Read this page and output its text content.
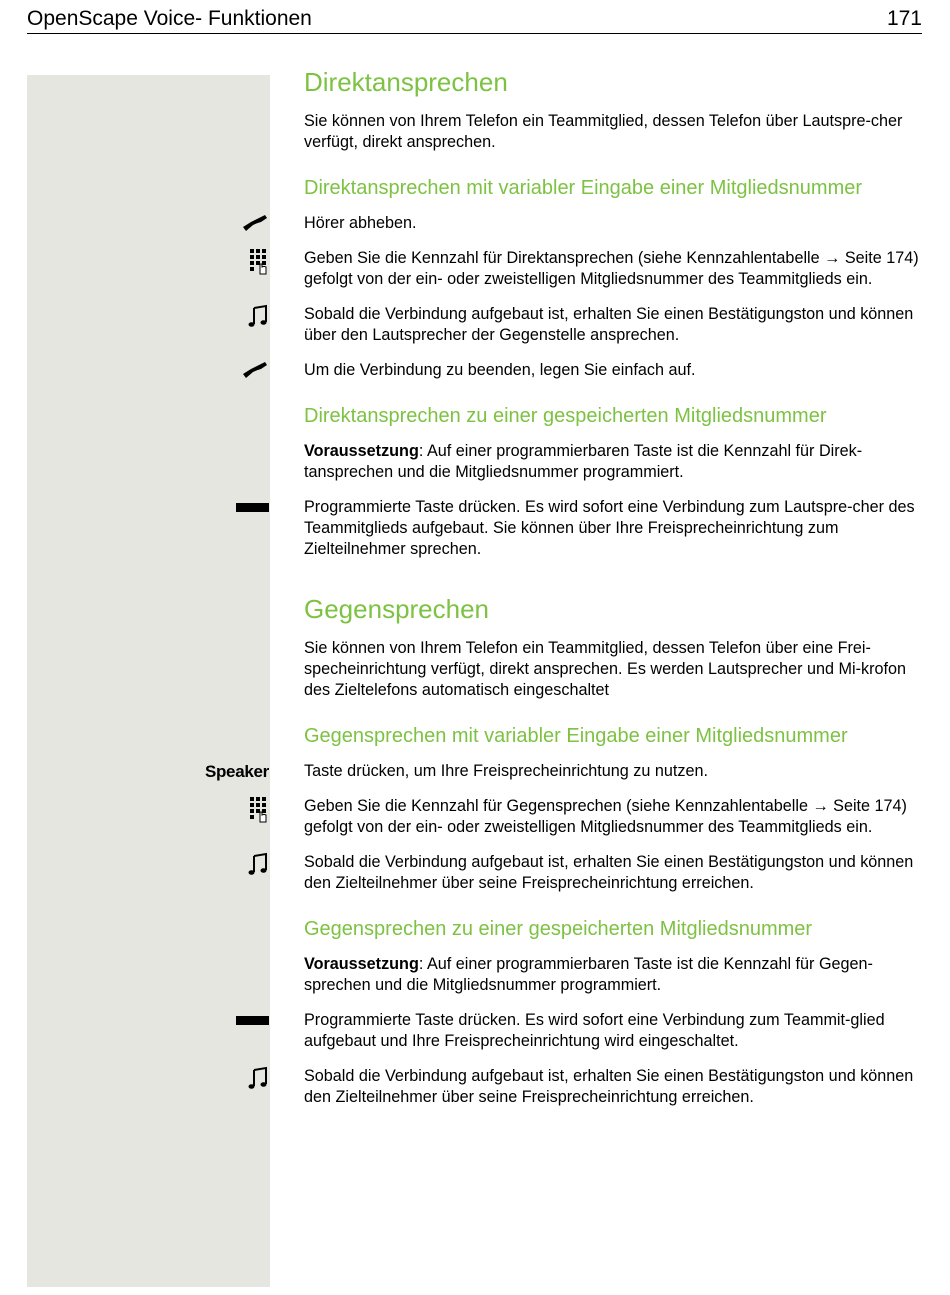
OpenScape Voice- Funktionen	171
Direktansprechen
Sie können von Ihrem Telefon ein Teammitglied, dessen Telefon über Lautspre-cher verfügt, direkt ansprechen.
Direktansprechen mit variabler Eingabe einer Mitgliedsnummer
Hörer abheben.
Geben Sie die Kennzahl für Direktansprechen (siehe Kennzahlentabelle → Seite 174) gefolgt von der ein- oder zweistelligen Mitgliedsnummer des Teammitglieds ein.
Sobald die Verbindung aufgebaut ist, erhalten Sie einen Bestätigungston und können über den Lautsprecher der Gegenstelle ansprechen.
Um die Verbindung zu beenden, legen Sie einfach auf.
Direktansprechen zu einer gespeicherten Mitgliedsnummer
Voraussetzung: Auf einer programmierbaren Taste ist die Kennzahl für Direk-tansprechen und die Mitgliedsnummer programmiert.
Programmierte Taste drücken. Es wird sofort eine Verbindung zum Lautspre-cher des Teammitglieds aufgebaut. Sie können über Ihre Freisprecheinrichtung zum Zielteilnehmer sprechen.
Gegensprechen
Sie können von Ihrem Telefon ein Teammitglied, dessen Telefon über eine Frei-specheinrichtung verfügt, direkt ansprechen. Es werden Lautsprecher und Mi-krofon des Zieltelefons automatisch eingeschaltet
Gegensprechen mit variabler Eingabe einer Mitgliedsnummer
Speaker Taste drücken, um Ihre Freisprecheinrichtung zu nutzen.
Geben Sie die Kennzahl für Gegensprechen (siehe Kennzahlentabelle → Seite 174) gefolgt von der ein- oder zweistelligen Mitgliedsnummer des Teammitglieds ein.
Sobald die Verbindung aufgebaut ist, erhalten Sie einen Bestätigungston und können den Zielteilnehmer über seine Freisprecheinrichtung erreichen.
Gegensprechen zu einer gespeicherten Mitgliedsnummer
Voraussetzung: Auf einer programmierbaren Taste ist die Kennzahl für Gegen-sprechen und die Mitgliedsnummer programmiert.
Programmierte Taste drücken. Es wird sofort eine Verbindung zum Teammit-glied aufgebaut und Ihre Freisprecheinrichtung wird eingeschaltet.
Sobald die Verbindung aufgebaut ist, erhalten Sie einen Bestätigungston und können den Zielteilnehmer über seine Freisprecheinrichtung erreichen.
